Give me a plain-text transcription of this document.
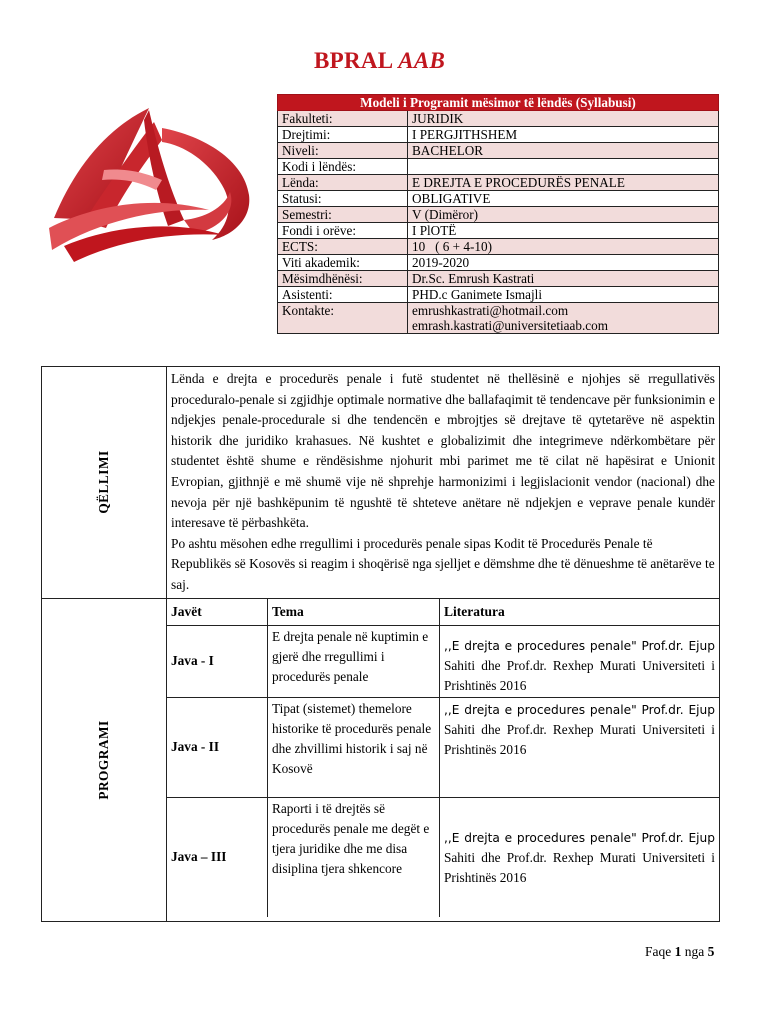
BPRAL AAB
Modeli i Programit mësimor të lëndës (Syllabusi)	
Fakulteti:	JURIDIK
Drejtimi:	I PERGJITHSHEM
Niveli:	BACHELOR
Kodi i lëndës:	
Lënda:	E DREJTA E PROCEDURËS PENALE
Statusi:	OBLIGATIVE
Semestri:	V (Dimëror)
Fondi i orëve:	I PlOTË
ECTS:	10   ( 6 + 4-10)
Viti akademik:	2019-2020
Mësimdhënësi:	Dr.Sc. Emrush Kastrati
Asistenti:	PHD.c Ganimete Ismajli
Kontakte:	emrushkastrati@hotmail.com
emrash.kastrati@universitetiaab.com
QËLLIMI

Lënda e drejta e procedurës penale i futë studentet në thellësinë e njohjes së rregullativës proceduralo-penale si zgjidhje optimale normative dhe ballafaqimit të tendencave për funksionimin e ndjekjes penale-procedurale si dhe tendencën e mbrojtjes së drejtave të qytetarëve në aspektin historik dhe juridiko krahasues. Në kushtet e globalizimit dhe integrimeve ndërkombëtare për studentet është shume e rëndësishme njohurit mbi parimet me të cilat në hapësirat e Unionit Evropian, gjithnjë e më shumë vije në shprehje harmonizimi i legjislacionit vendor (nacional) dhe nevoja për një bashkëpunim të ngushtë të shteteve anëtare në ndjekjen e veprave penale kundër interesave të përbashkëta.

Po ashtu mësohen edhe rregullimi i procedurës penale sipas Kodit të Procedurës Penale të Republikës së Kosovës si reagim i shoqërisë nga sjelljet e dëmshme dhe të dënueshme të anëtarëve te saj.

PROGRAMI

Javët	Tema	Literatura
Java - I	E drejta penale në kuptimin e gjerë dhe rregullimi i procedurës penale	,,E drejta e procedures penale" Prof.dr. Ejup Sahiti dhe Prof.dr. Rexhep Murati Universiteti i Prishtinës 2016
Java - II	Tipat (sistemet) themelore historike të procedurës penale dhe zhvillimi historik i saj në Kosovë	,,E drejta e procedures penale" Prof.dr. Ejup Sahiti dhe Prof.dr. Rexhep Murati Universiteti i Prishtinës 2016
Java – III	Raporti i të drejtës së procedurës penale me degët e tjera juridike dhe me disa disiplina tjera shkencore	,,E drejta e procedures penale" Prof.dr. Ejup Sahiti dhe Prof.dr. Rexhep Murati Universiteti i Prishtinës 2016
Faqe 1 nga 5
